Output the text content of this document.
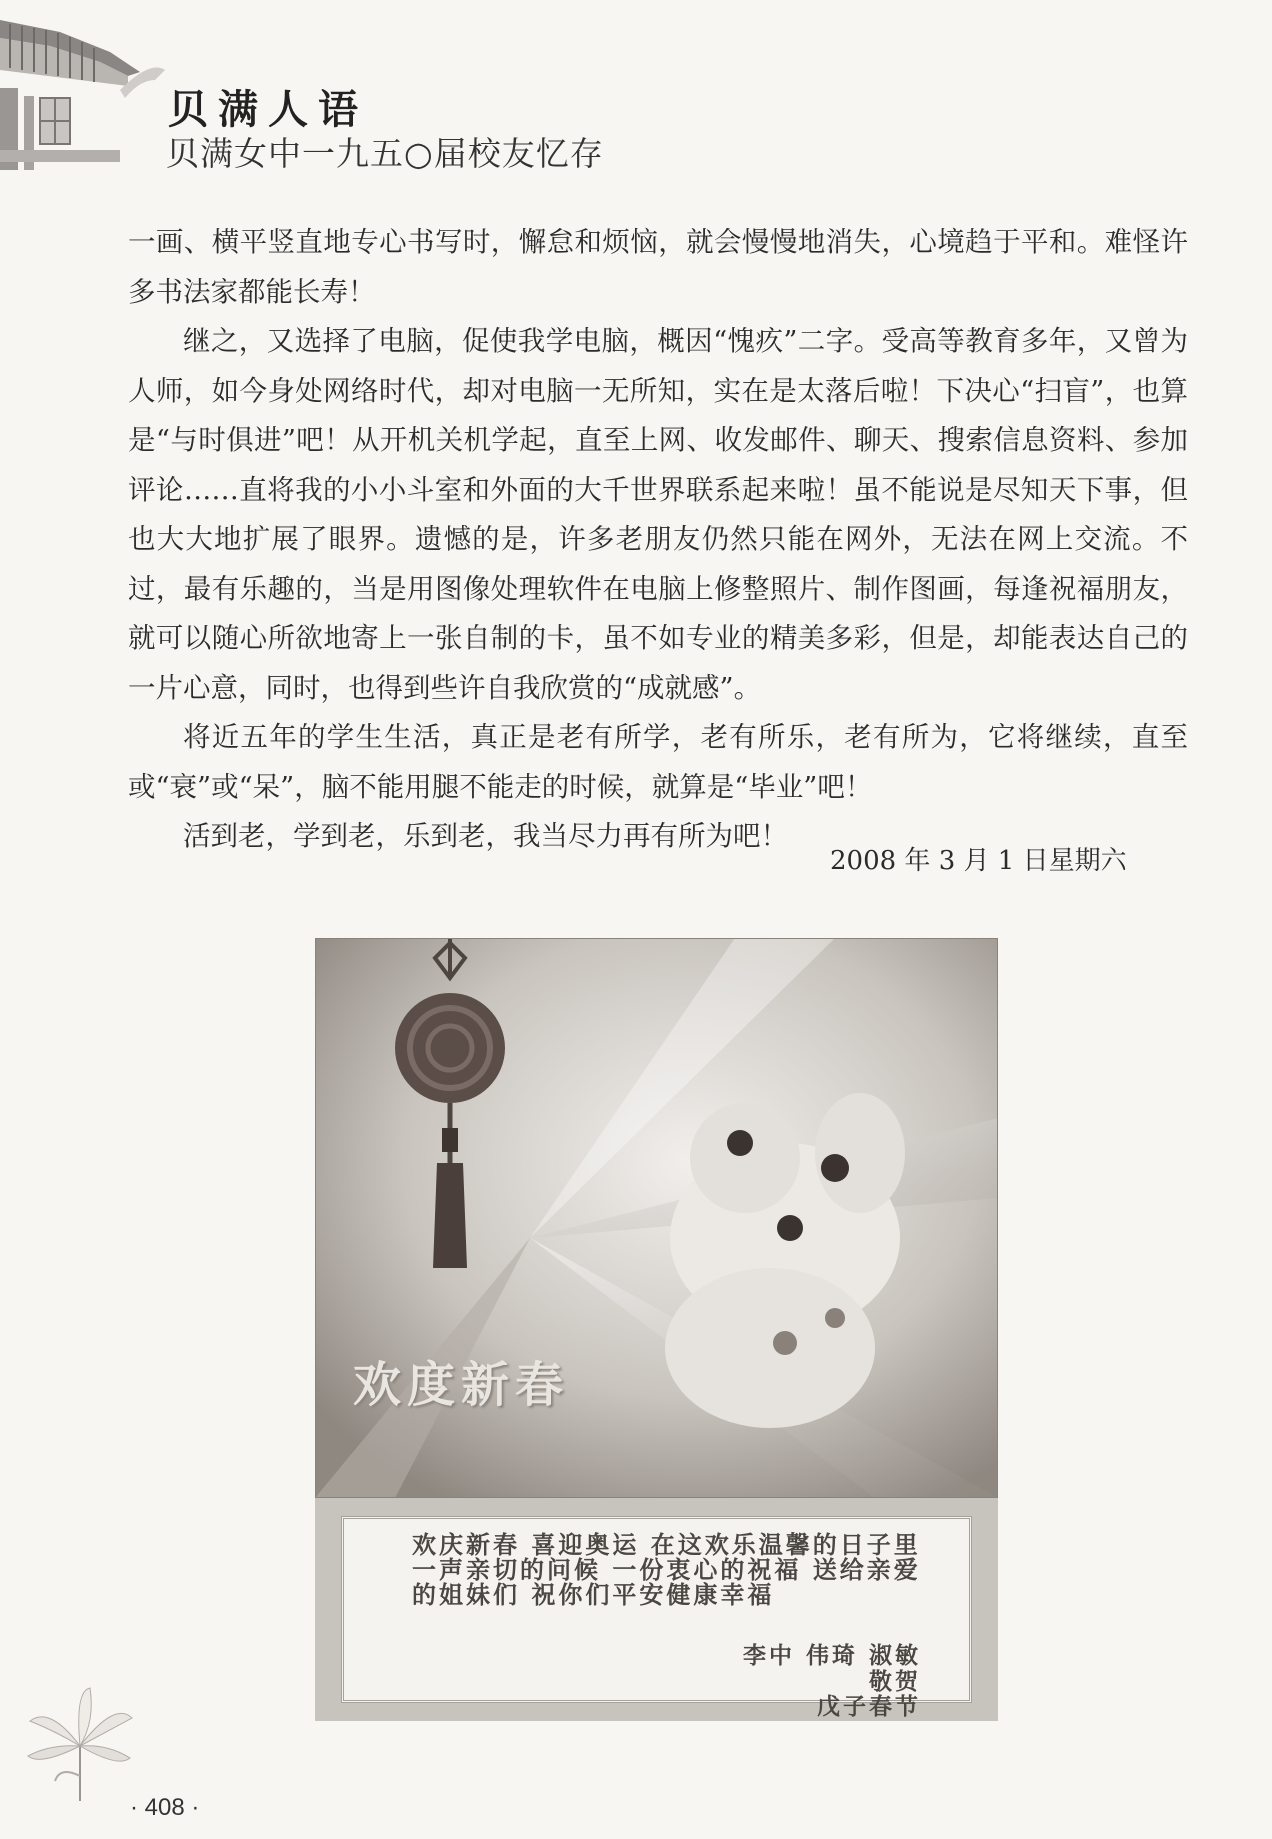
贝满人语
贝满女中一九五○届校友忆存

一画、横平竖直地专心书写时，懈怠和烦恼，就会慢慢地消失，心境趋于平和。难怪许多书法家都能长寿！

继之，又选择了电脑，促使我学电脑，概因“愧疚”二字。受高等教育多年，又曾为人师，如今身处网络时代，却对电脑一无所知，实在是太落后啦！下决心“扫盲”，也算是“与时俱进”吧！从开机关机学起，直至上网、收发邮件、聊天、搜索信息资料、参加评论……直将我的小小斗室和外面的大千世界联系起来啦！虽不能说是尽知天下事，但也大大地扩展了眼界。遗憾的是，许多老朋友仍然只能在网外，无法在网上交流。不过，最有乐趣的，当是用图像处理软件在电脑上修整照片、制作图画，每逢祝福朋友，就可以随心所欲地寄上一张自制的卡，虽不如专业的精美多彩，但是，却能表达自己的一片心意，同时，也得到些许自我欣赏的“成就感”。

将近五年的学生生活，真正是老有所学，老有所乐，老有所为，它将继续，直至或“衰”或“呆”，脑不能用腿不能走的时候，就算是“毕业”吧！

活到老，学到老，乐到老，我当尽力再有所为吧！

2008 年 3 月 1 日星期六
欢度新春
欢庆新春 喜迎奥运 在这欢乐温馨的日子里 一声亲切的问候 一份衷心的祝福 送给亲爱的姐妹们 祝你们平安健康幸福
李中 伟琦 淑敏
敬贺
戊子春节
· 408 ·
